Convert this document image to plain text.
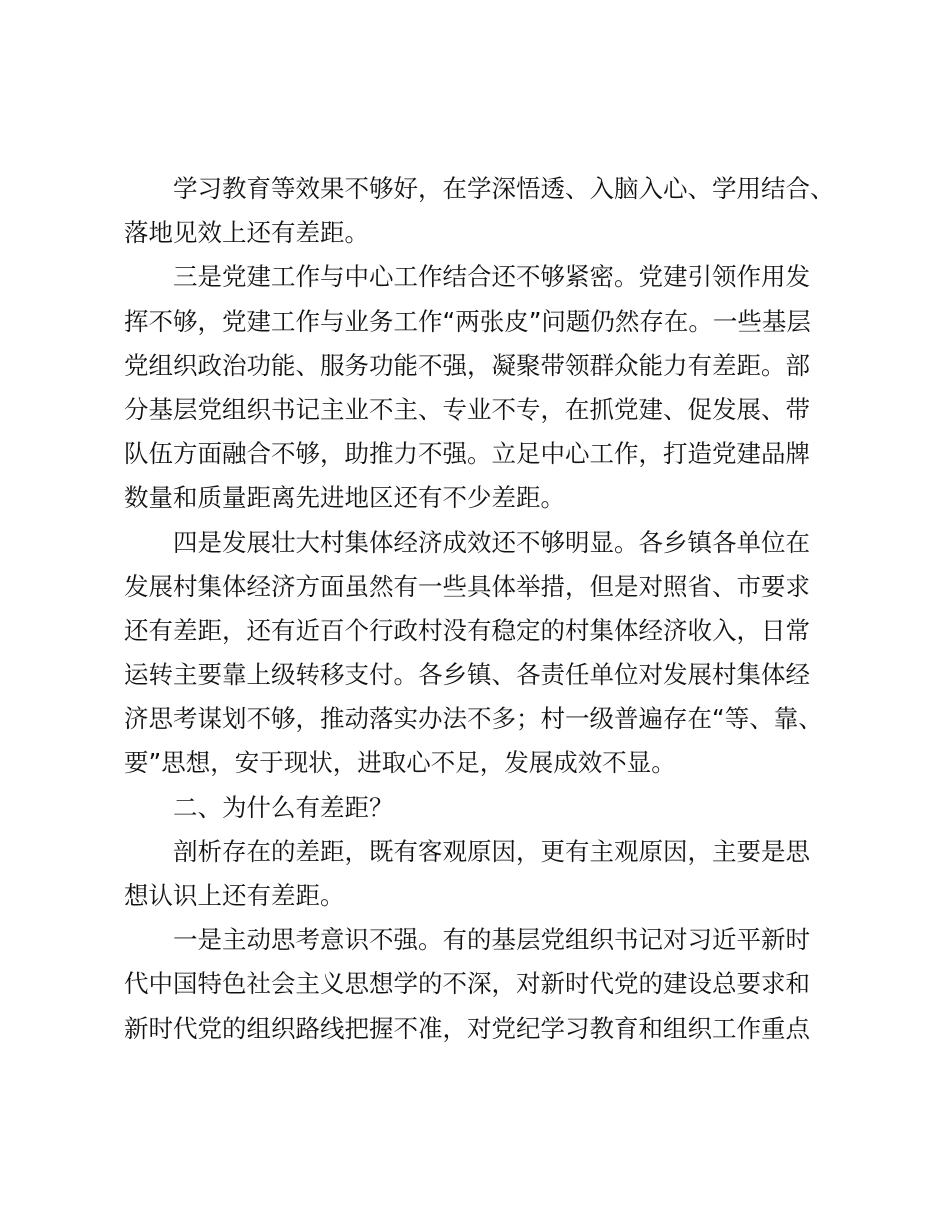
学习教育等效果不够好，在学深悟透、入脑入心、学用结合、
落地见效上还有差距。
三是党建工作与中心工作结合还不够紧密。党建引领作用发
挥不够，党建工作与业务工作“两张皮”问题仍然存在。一些基层
党组织政治功能、服务功能不强，凝聚带领群众能力有差距。部
分基层党组织书记主业不主、专业不专，在抓党建、促发展、带
队伍方面融合不够，助推力不强。立足中心工作，打造党建品牌
数量和质量距离先进地区还有不少差距。
四是发展壮大村集体经济成效还不够明显。各乡镇各单位在
发展村集体经济方面虽然有一些具体举措，但是对照省、市要求
还有差距，还有近百个行政村没有稳定的村集体经济收入，日常
运转主要靠上级转移支付。各乡镇、各责任单位对发展村集体经
济思考谋划不够，推动落实办法不多；村一级普遍存在“等、靠、
要”思想，安于现状，进取心不足，发展成效不显。
二、为什么有差距？
剖析存在的差距，既有客观原因，更有主观原因，主要是思
想认识上还有差距。
一是主动思考意识不强。有的基层党组织书记对习近平新时
代中国特色社会主义思想学的不深，对新时代党的建设总要求和
新时代党的组织路线把握不准，对党纪学习教育和组织工作重点
